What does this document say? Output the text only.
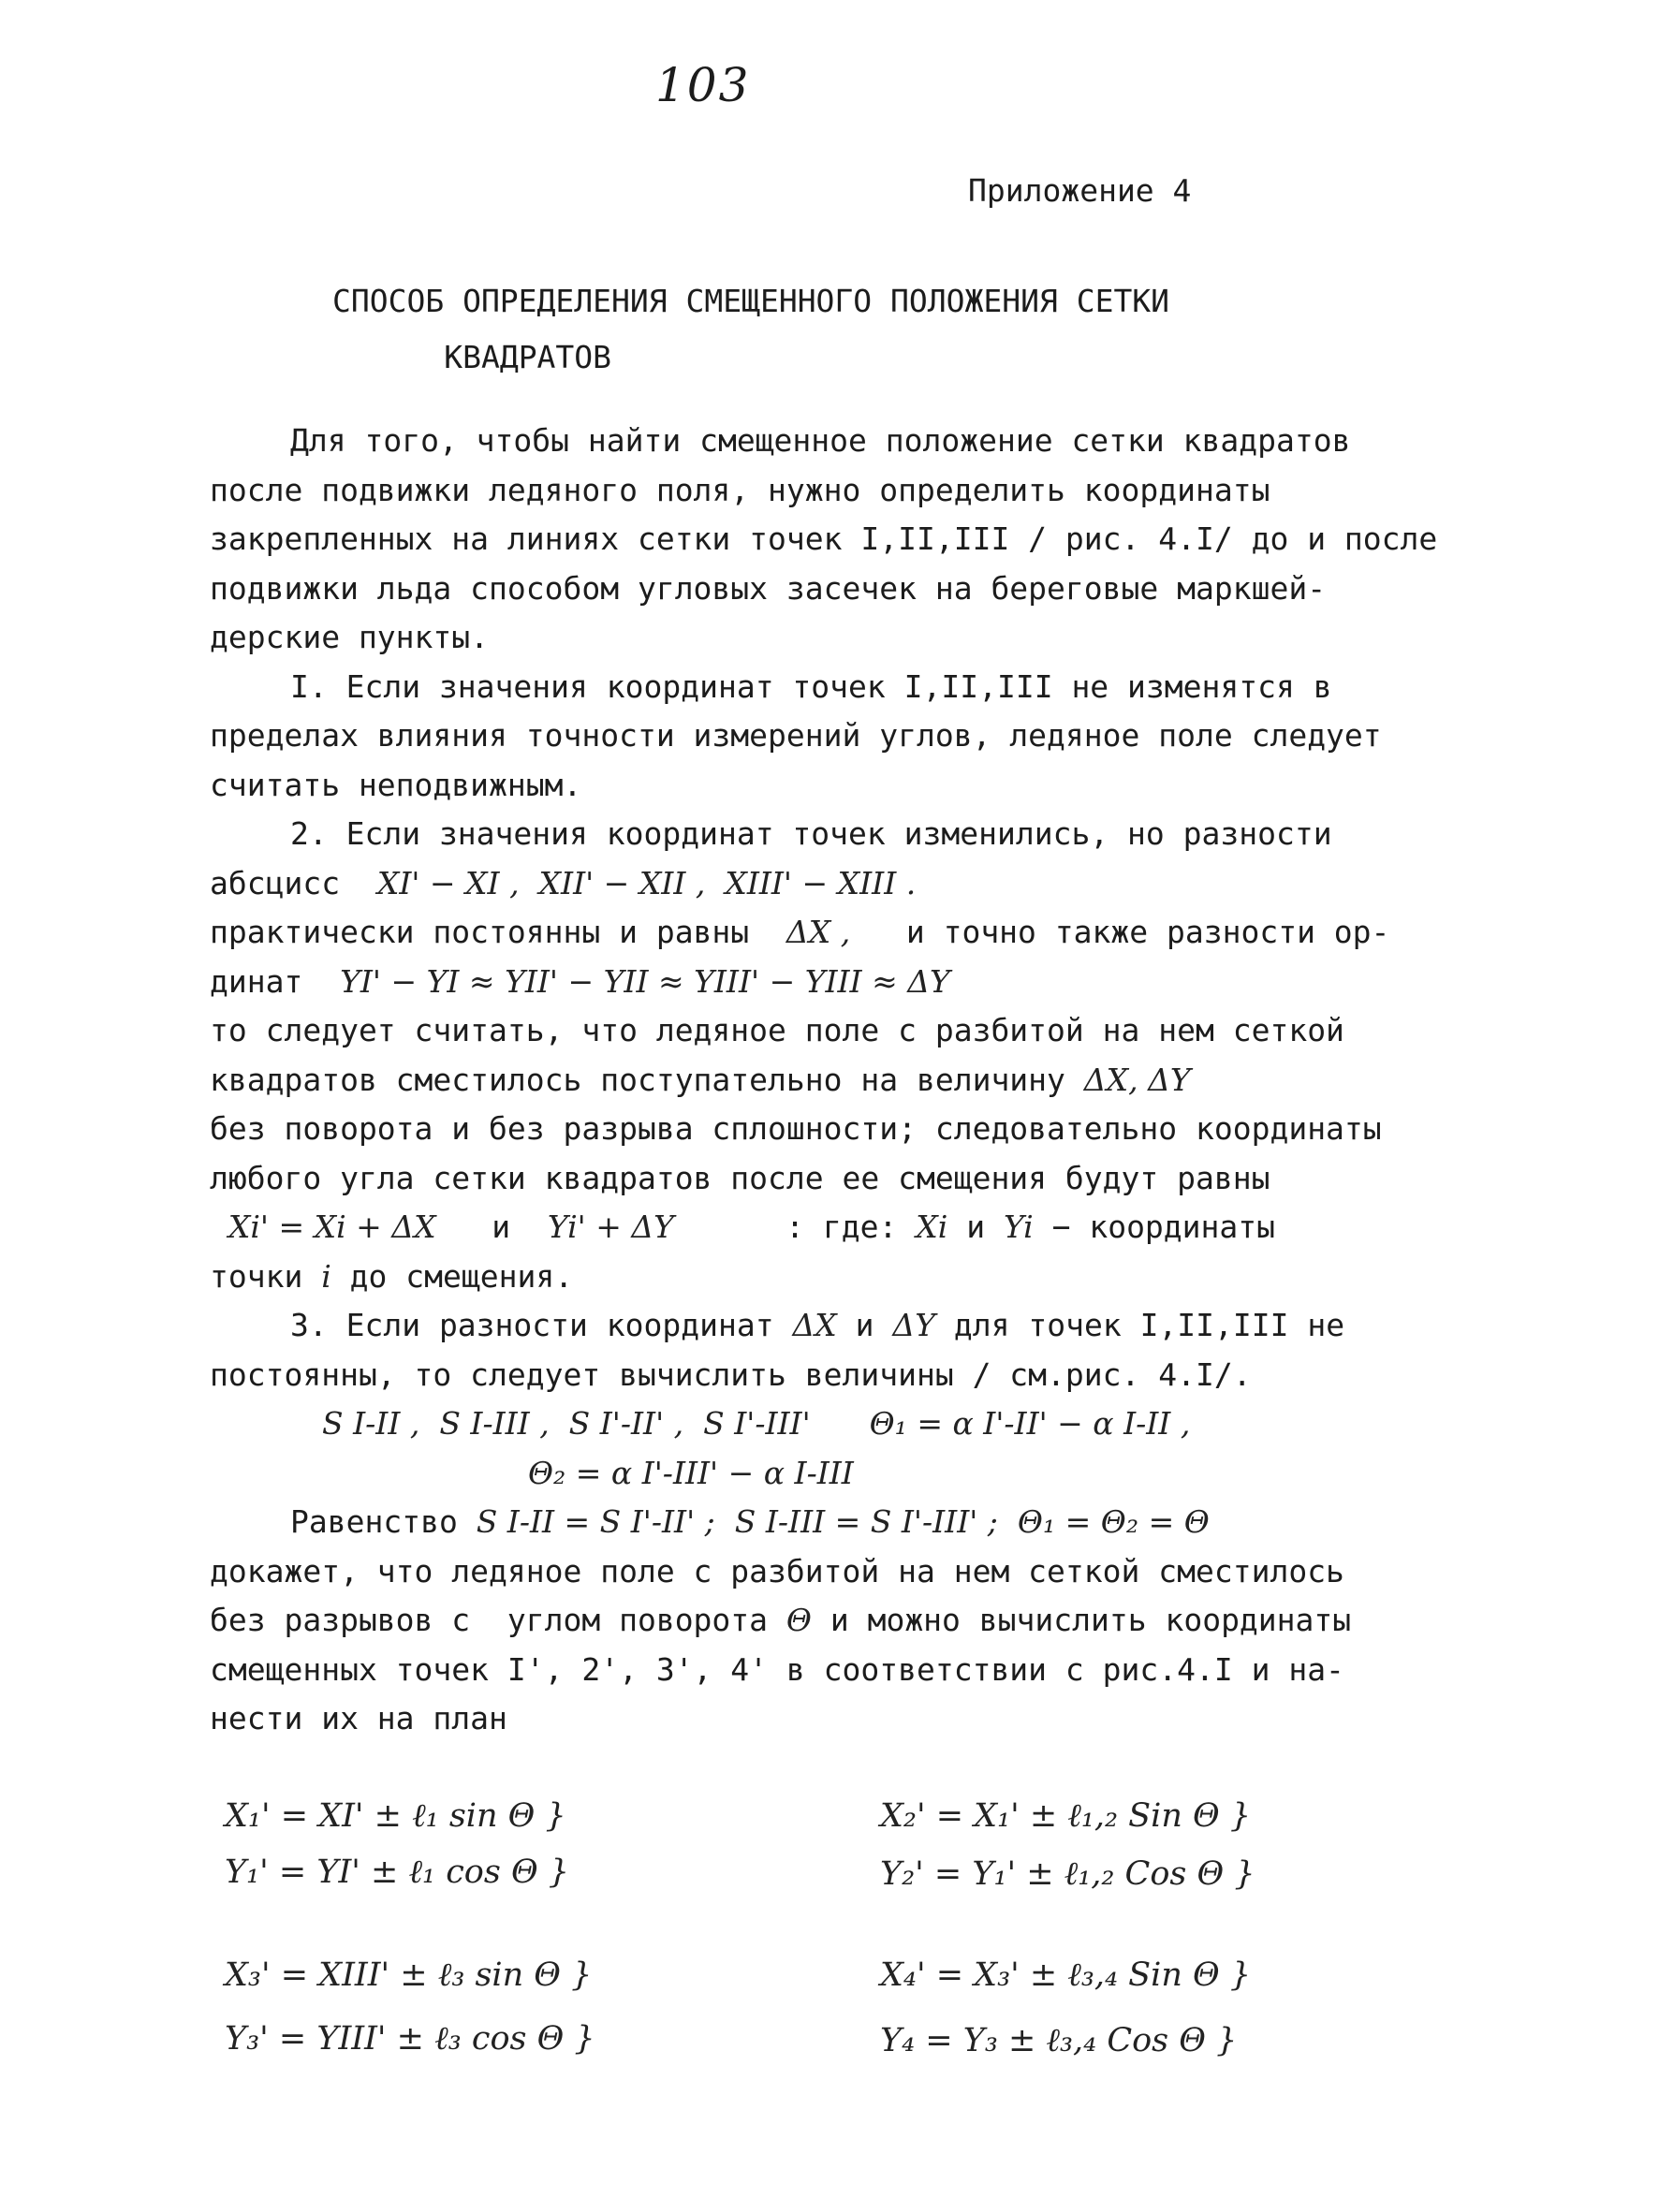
103
Приложение 4
СПОСОБ ОПРЕДЕЛЕНИЯ СМЕЩЕННОГО ПОЛОЖЕНИЯ СЕТКИ
КВАДРАТОВ

Для того, чтобы найти смещенное положение сетки квадратов

после подвижки ледяного поля, нужно определить координаты

закрепленных на линиях сетки точек I,II,III / рис. 4.I/ до и после

подвижки льда способом угловых засечек на береговые маркшей-

дерские пункты.

I. Если значения координат точек I,II,III не изменятся в

пределах влияния точности измерений углов, ледяное поле следует

считать неподвижным.

2. Если значения координат точек изменились, но разности

абсцисс XI' − XI ,  XII' − XII ,  XIII' − XIII .

практически постоянны и равны ΔX , и точно также разности ор-

динат YI' − YI ≈ YII' − YII ≈ YIII' − YIII ≈ ΔY

то следует считать, что ледяное поле с разбитой на нем сеткой

квадратов сместилось поступательно на величину ΔX, ΔY

без поворота и без разрыва сплошности; следовательно координаты

любого угла сетки квадратов после ее смещения будут равны

Xi' = Xi + ΔX и Yi' + ΔY	: где: Xi и Yi − координаты

точки i до смещения.

3. Если разности координат ΔX и ΔY для точек I,II,III не

постоянны, то следует вычислить величины / см.рис. 4.I/.

S I-II ,  S I-III ,  S I'-II' ,  S I'-III'      Θ₁ = α I'-II' − α I-II ,

Θ₂ = α I'-III' − α I-III

Равенство S I-II = S I'-II' ;  S I-III = S I'-III' ;  Θ₁ = Θ₂ = Θ

докажет, что ледяное поле с разбитой на нем сеткой сместилось

без разрывов с  углом поворота Θ и можно вычислить координаты

смещенных точек I', 2', 3', 4' в соответствии с рис.4.I и на-

нести их на план

X₁' = XI' ± ℓ₁ sin Θ }
Y₁' = YI' ± ℓ₁ cos Θ }
X₂' = X₁' ± ℓ₁,₂ Sin Θ }
Y₂' = Y₁' ± ℓ₁,₂ Cos Θ }
X₃' = XIII' ± ℓ₃ sin Θ }
Y₃' = YIII' ± ℓ₃ cos Θ }
X₄' = X₃' ± ℓ₃,₄ Sin Θ }
Y₄ = Y₃ ± ℓ₃,₄ Cos Θ }
